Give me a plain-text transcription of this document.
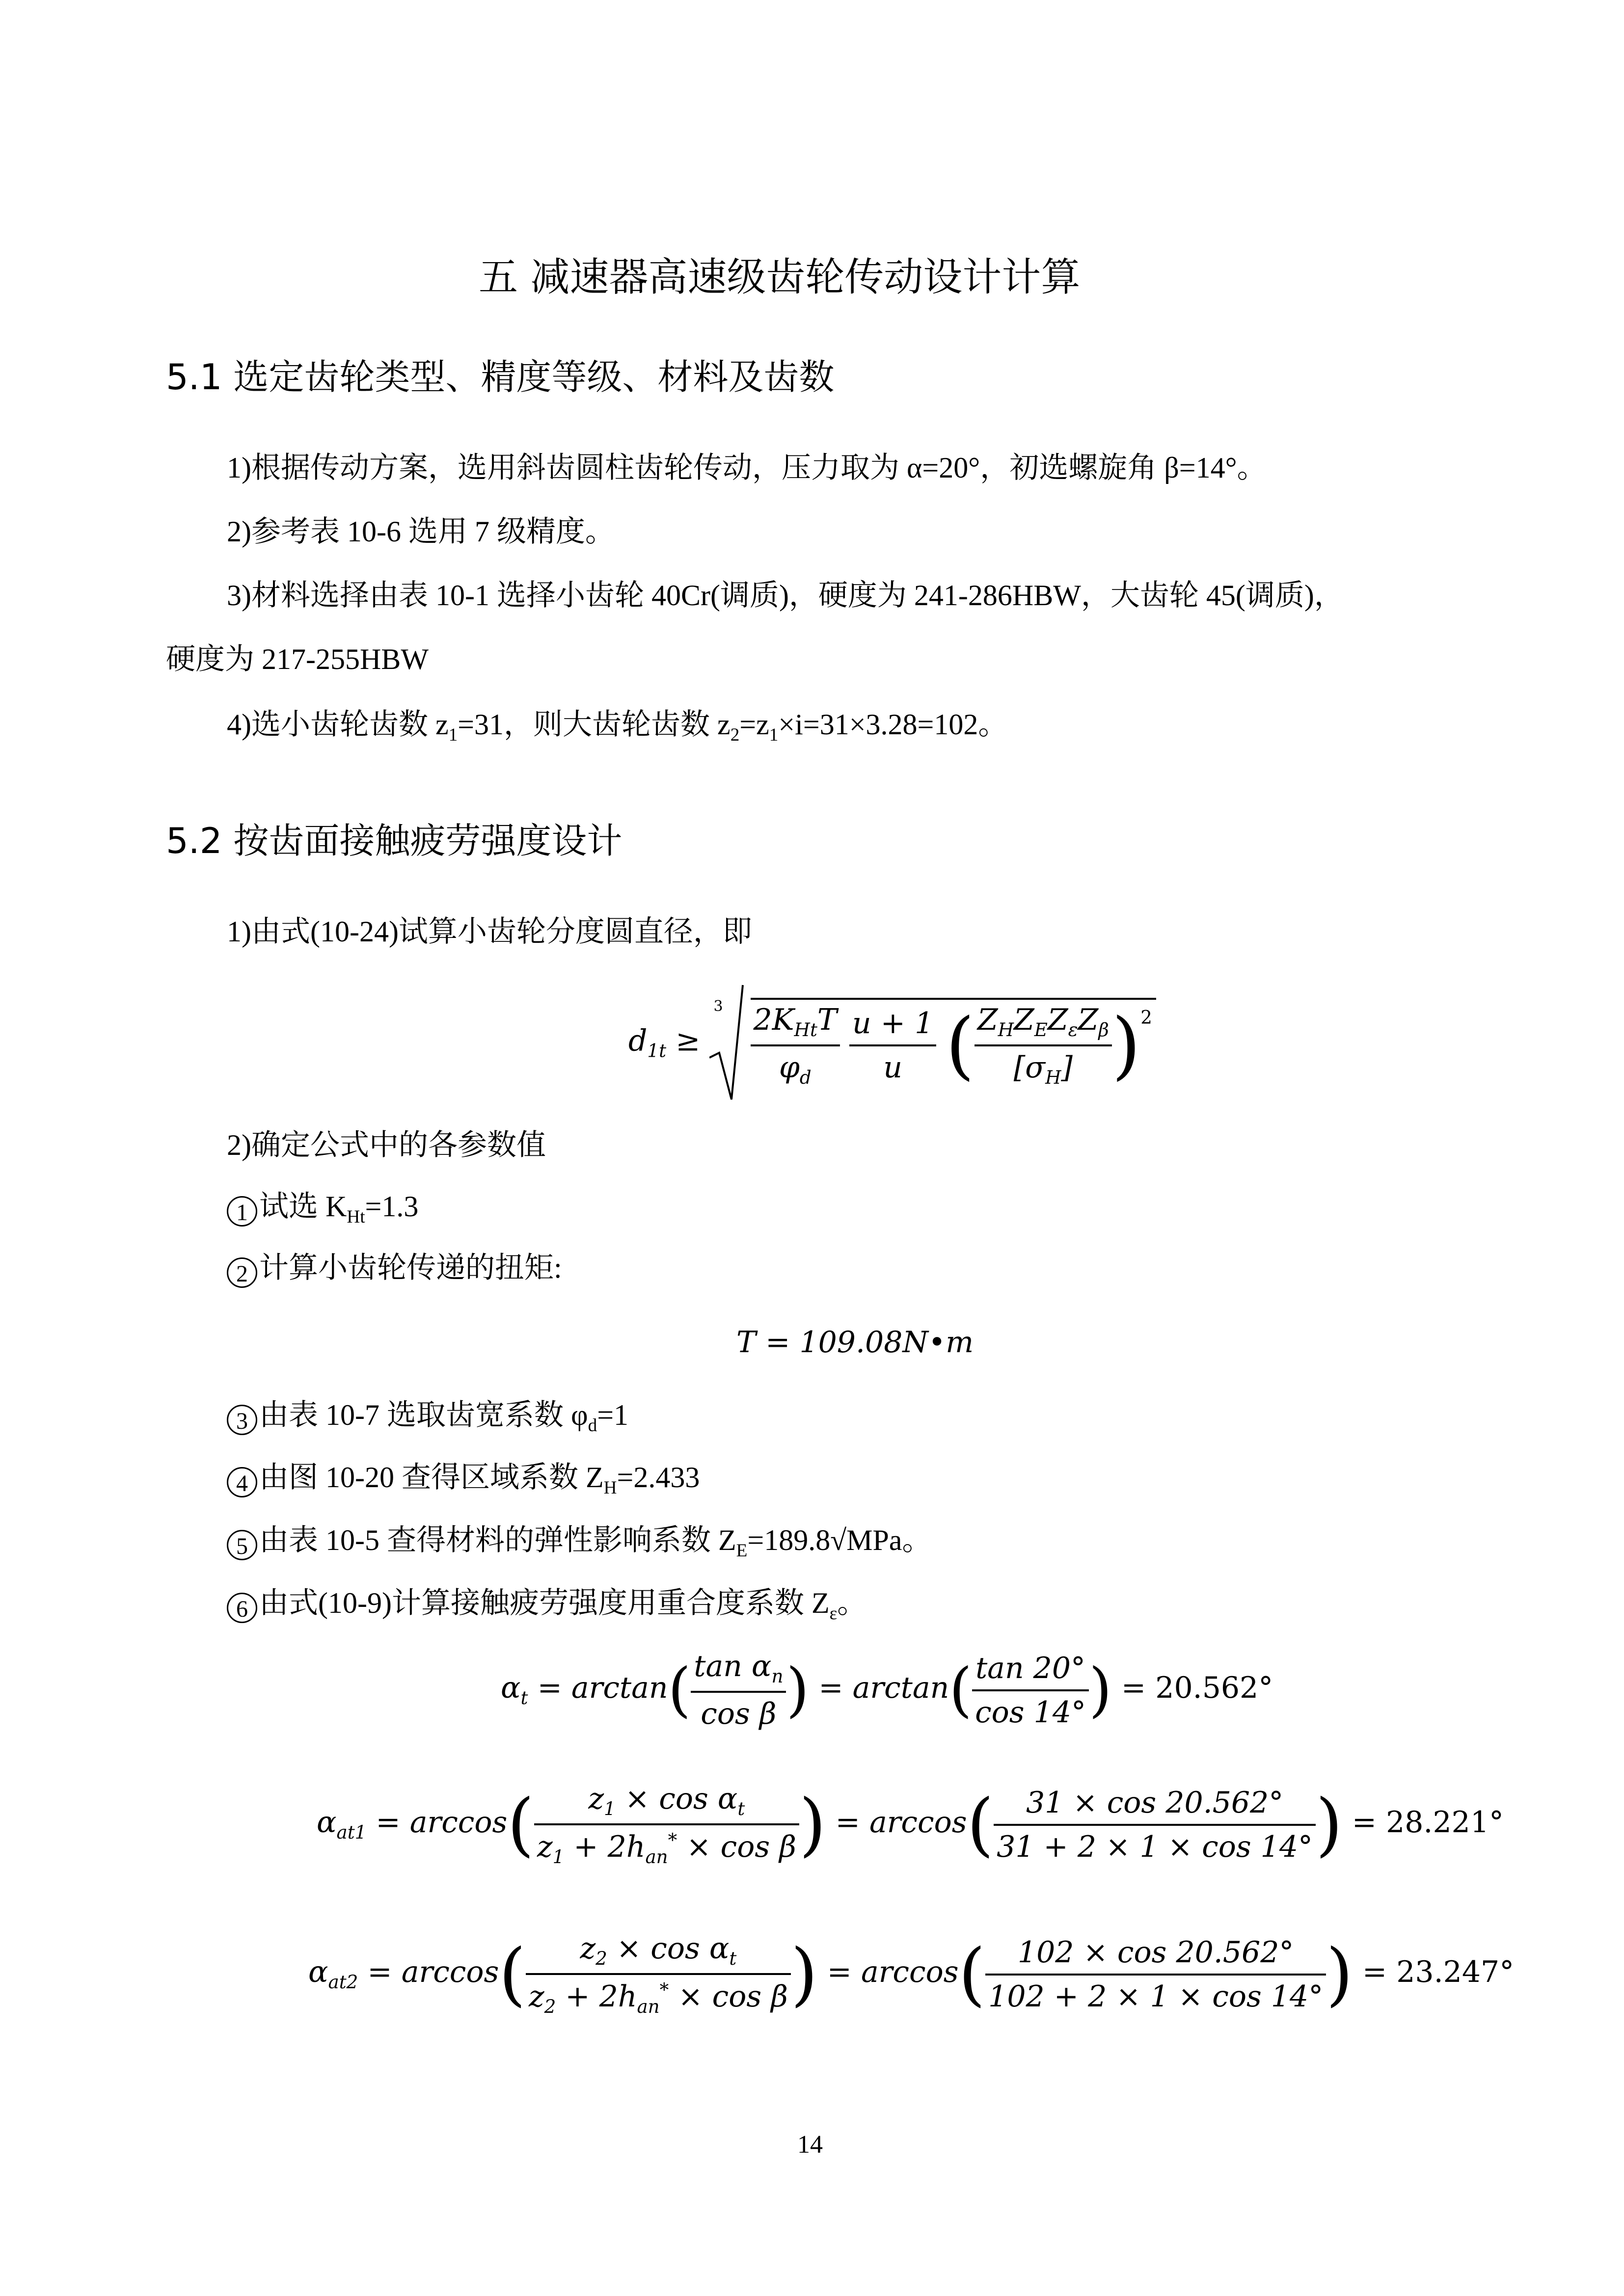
五 减速器高速级齿轮传动设计计算
5.1 选定齿轮类型、精度等级、材料及齿数
1)根据传动方案，选用斜齿圆柱齿轮传动，压力取为 α=20°，初选螺旋角 β=14°。
2)参考表 10-6 选用 7 级精度。
3)材料选择由表 10-1 选择小齿轮 40Cr(调质)，硬度为 241-286HBW，大齿轮 45(调质)，
硬度为 217-255HBW
4)选小齿轮齿数 $z_1=31$，则大齿轮齿数 $z_2=z_1\times i=31\times 3.28=102$。
5.2 按齿面接触疲劳强度设计
1)由式(10-24)试算小齿轮分度圆直径，即
$d_{1t}$ ≥
3
$\frac{2K_{Ht}T}{\varphi_d}$
$\frac{u + 1}{u}$ ( $\frac{Z_HZ_EZ_\varepsilon Z_\beta}{[\sigma_H]} )^2$
2)确定公式中的各参数值
1 试选 $K_{Ht}=1.3$
2 计算小齿轮传递的扭矩:
T = 109.08N•m
3 由表 10-7 选取齿宽系数 $\varphi_d=1$
4 由图 10-20 查得区域系数 $Z_H=2.433$
5 由表 10-5 查得材料的弹性影响系数 $Z_E=189.8√MPa$。
6 由式(10-9)计算接触疲劳强度用重合度系数 $Z_\varepsilon$。
$\alpha_t = \arctan( \frac{\tan \alpha_n}{\text{cos β}}$ ) = $\arctan( \frac{\tan 20^\circ}{\cos 14^\circ}$ ) = 20.562°
$\alpha_{at1} = \arccos( \frac{z_1 \times \cos \alpha_t}{z_1 + 2h_{an}^* \times \cos \beta}$ ) = $\arccos( \frac{31 \times \cos 20.562^\circ}{31 + 2 \times 1 \times \cos 14^\circ}$ ) = 28.221°
$\alpha_{at2} = \arccos( \frac{z_2 \times \cos \alpha_t}{z_2 + 2h_{an}^* \times \cos \beta}$ ) = $\arccos( \frac{102 \times \cos 20.562^\circ}{102 + 2 \times 1 \times \cos 14^\circ}$ ) = 23.247°
14
